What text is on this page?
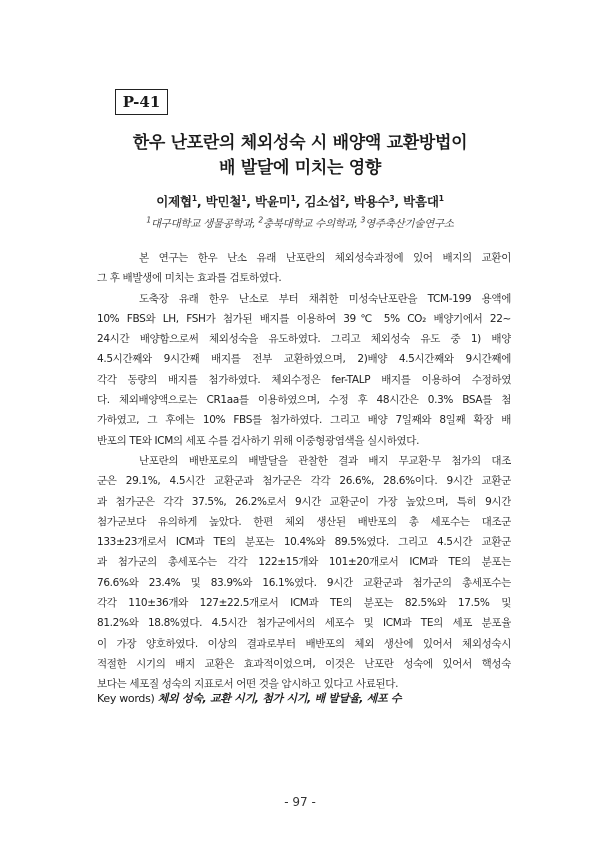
P-41
한우 난포란의 체외성숙 시 배양액 교환방법이
배 발달에 미치는 영향
이제협$^1$, 박민철$^1$, 박윤미$^1$, 김소섭$^2$, 박용수$^3$, 박흠대$^1$
$^1$대구대학교 생물공학과, $^2$충북대학교 수의학과, $^3$영주축산기술연구소
본 연구는 한우 난소 유래 난포란의 체외성숙과정에 있어 배지의 교환이
그 후 배발생에 미치는 효과를 검토하였다.
도축장 유래 한우 난소로 부터 채취한 미성숙난포란을 TCM-199 용액에
10% FBS와 LH, FSH가 첨가된 배지를 이용하여 39℃ 5% CO₂ 배양기에서 22~
24시간 배양함으로써 체외성숙을 유도하였다. 그리고 체외성숙 유도 중 1) 배양
4.5시간째와 9시간째 배지를 전부 교환하였으며, 2)배양 4.5시간째와 9시간째에
각각 동량의 배지를 첨가하였다. 체외수정은 fer-TALP 배지를 이용하여 수정하였
다. 체외배양액으로는 CR1aa를 이용하였으며, 수정 후 48시간은 0.3% BSA를 첨
가하였고, 그 후에는 10% FBS를 첨가하였다. 그리고 배양 7일째와 8일째 확장 배
반포의 TE와 ICM의 세포 수를 검사하기 위해 이중형광염색을 실시하였다.
난포란의 배반포로의 배발달을 관찰한 결과 배지 무교환·무 첨가의 대조
군은 29.1%, 4.5시간 교환군과 첨가군은 각각 26.6%, 28.6%이다. 9시간 교환군
과 첨가군은 각각 37.5%, 26.2%로서 9시간 교환군이 가장 높았으며, 특히 9시간
첨가군보다 유의하게 높았다. 한편 체외 생산된 배반포의 총 세포수는 대조군
133±23개로서 ICM과 TE의 분포는 10.4%와 89.5%였다. 그리고 4.5시간 교환군
과 첨가군의 총세포수는 각각 122±15개와 101±20개로서 ICM과 TE의 분포는
76.6%와 23.4% 및 83.9%와 16.1%였다. 9시간 교환군과 첨가군의 총세포수는
각각 110±36개와 127±22.5개로서 ICM과 TE의 분포는 82.5%와 17.5% 및
81.2%와 18.8%였다. 4.5시간 첨가군에서의 세포수 및 ICM과 TE의 세포 분포율
이 가장 양호하였다. 이상의 결과로부터 배반포의 체외 생산에 있어서 체외성숙시
적절한 시기의 배지 교환은 효과적이었으며, 이것은 난포란 성숙에 있어서 핵성숙
보다는 세포질 성숙의 지표로서 어떤 것을 암시하고 있다고 사료된다.
Key words) 체외 성숙, 교환 시기, 첨가 시기, 배 발달율, 세포 수
- 97 -
